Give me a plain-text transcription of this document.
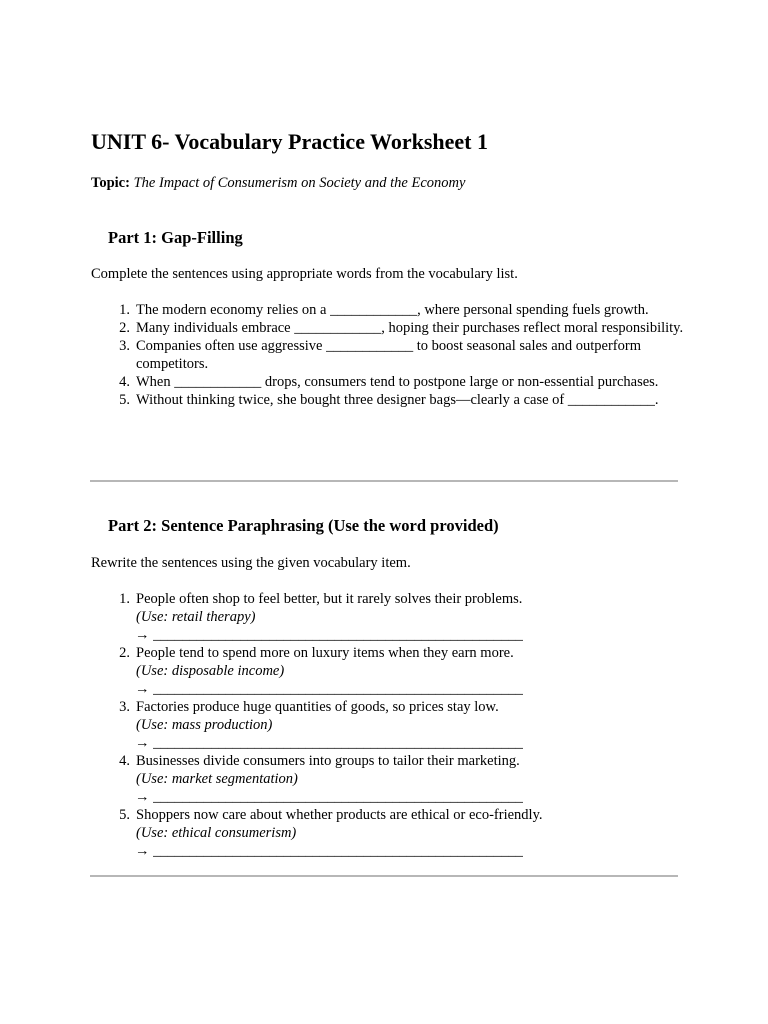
UNIT 6- Vocabulary Practice Worksheet 1
Topic: The Impact of Consumerism on Society and the Economy
Part 1: Gap-Filling
Complete the sentences using appropriate words from the vocabulary list.
1. The modern economy relies on a ____________, where personal spending fuels growth.
2. Many individuals embrace ____________, hoping their purchases reflect moral responsibility.
3. Companies often use aggressive ____________ to boost seasonal sales and outperform competitors.
4. When ____________ drops, consumers tend to postpone large or non-essential purchases.
5. Without thinking twice, she bought three designer bags—clearly a case of ____________.
Part 2: Sentence Paraphrasing (Use the word provided)
Rewrite the sentences using the given vocabulary item.
1. People often shop to feel better, but it rarely solves their problems.
(Use: retail therapy)
→ ___________________________________________________
2. People tend to spend more on luxury items when they earn more.
(Use: disposable income)
→ ___________________________________________________
3. Factories produce huge quantities of goods, so prices stay low.
(Use: mass production)
→ ___________________________________________________
4. Businesses divide consumers into groups to tailor their marketing.
(Use: market segmentation)
→ ___________________________________________________
5. Shoppers now care about whether products are ethical or eco-friendly.
(Use: ethical consumerism)
→ ___________________________________________________
